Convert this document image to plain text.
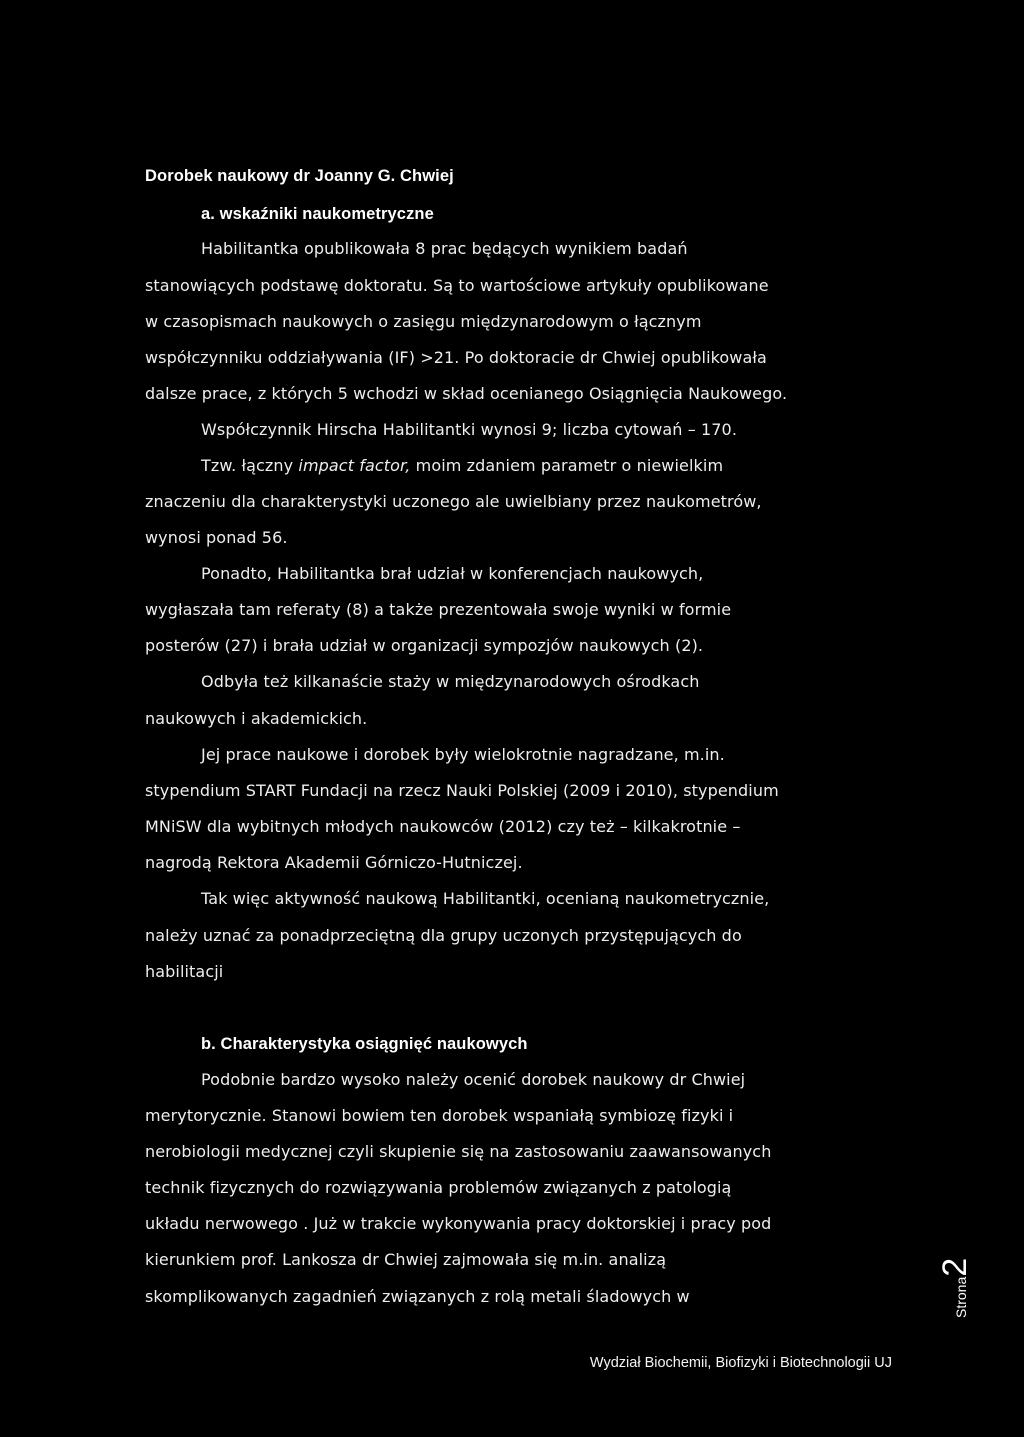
Dorobek naukowy dr Joanny G. Chwiej
a. wskaźniki naukometryczne
Habilitantka opublikowała 8 prac będących wynikiem badań
stanowiących podstawę doktoratu. Są to wartościowe artykuły opublikowane
w czasopismach naukowych o zasięgu międzynarodowym o łącznym
współczynniku oddziaływania (IF) >21. Po doktoracie dr Chwiej opublikowała
dalsze prace, z których 5 wchodzi w skład ocenianego Osiągnięcia Naukowego.
Współczynnik Hirscha Habilitantki wynosi 9; liczba cytowań – 170.
Tzw. łączny impact factor, moim zdaniem parametr o niewielkim
znaczeniu dla charakterystyki uczonego ale uwielbiany przez naukometrów,
wynosi ponad 56.
Ponadto, Habilitantka brał udział w konferencjach naukowych,
wygłaszała tam referaty (8) a także prezentowała swoje wyniki w formie
posterów (27) i brała udział w organizacji sympozjów naukowych (2).
Odbyła też kilkanaście staży w międzynarodowych ośrodkach
naukowych i akademickich.
Jej prace naukowe i dorobek były wielokrotnie nagradzane, m.in.
stypendium START Fundacji na rzecz Nauki Polskiej (2009 i 2010), stypendium
MNiSW dla wybitnych młodych naukowców (2012) czy też – kilkakrotnie –
nagrodą Rektora Akademii Górniczo-Hutniczej.
Tak więc aktywność naukową Habilitantki, ocenianą naukometrycznie,
należy uznać za ponadprzeciętną dla grupy uczonych przystępujących do
habilitacji
b. Charakterystyka osiągnięć naukowych
Podobnie bardzo wysoko należy ocenić dorobek naukowy dr Chwiej
merytorycznie. Stanowi bowiem ten dorobek wspaniałą symbiozę fizyki i
nerobiologii medycznej czyli skupienie się na zastosowaniu zaawansowanych
technik fizycznych do rozwiązywania problemów związanych z patologią
układu nerwowego . Już w trakcie wykonywania pracy doktorskiej i pracy pod
kierunkiem prof. Lankosza dr Chwiej zajmowała się m.in. analizą
skomplikowanych zagadnień związanych z rolą metali śladowych w	Strona2
Wydział Biochemii, Biofizyki i Biotechnologii UJ
